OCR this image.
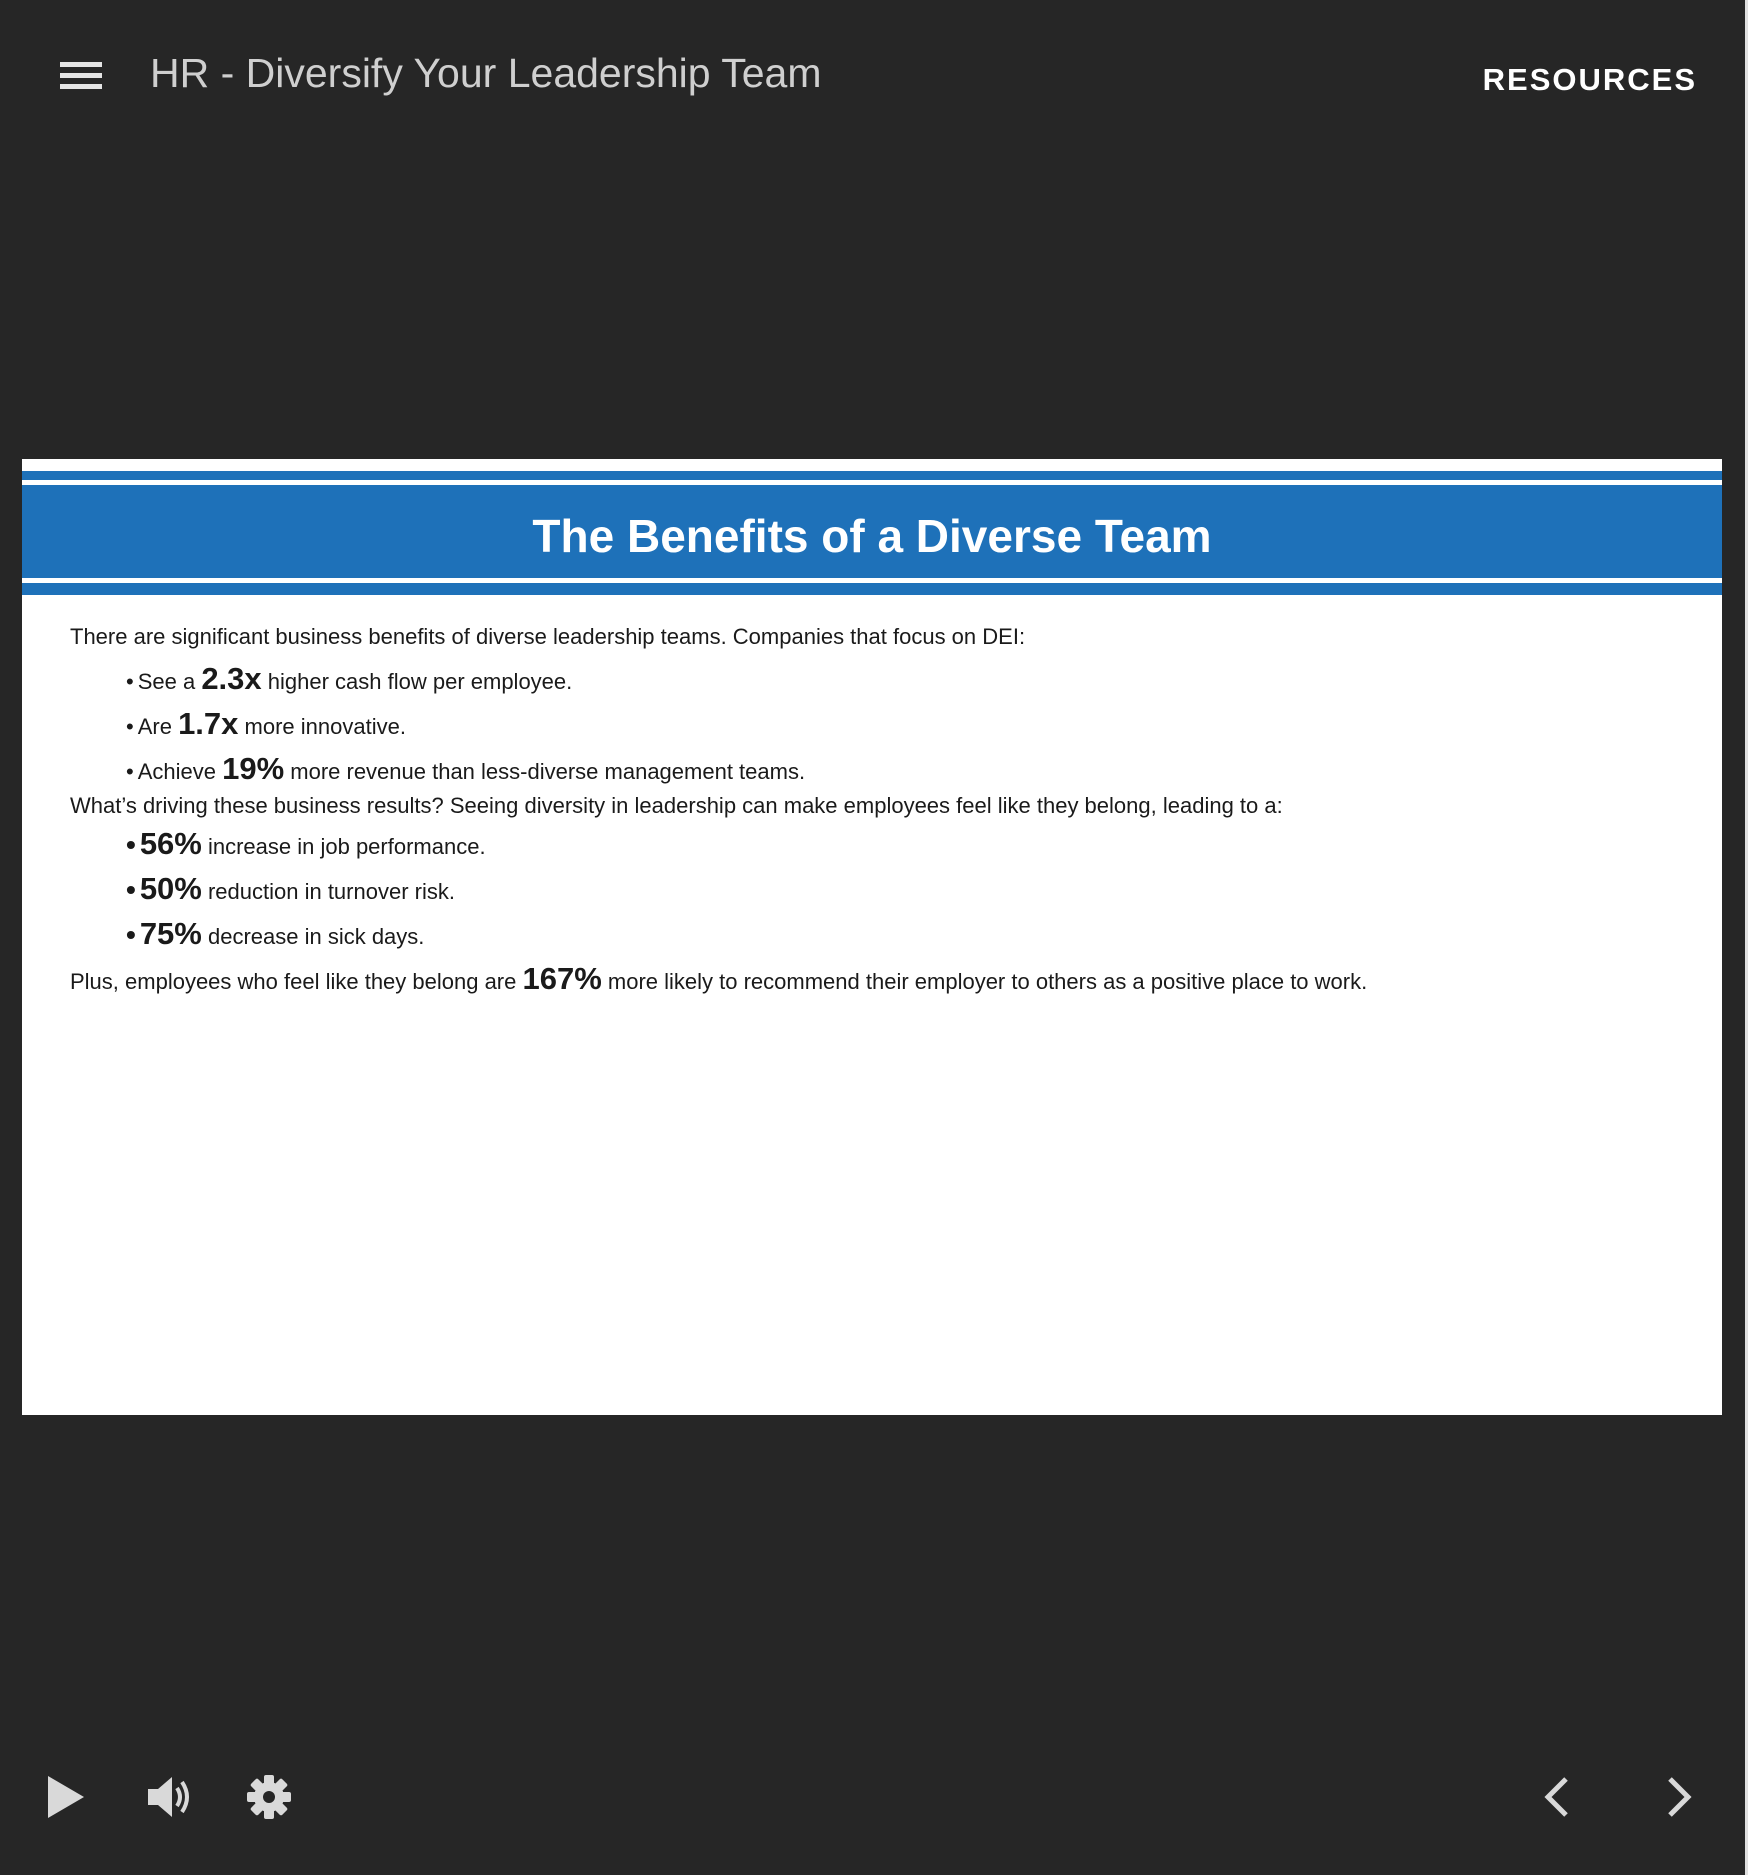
HR - Diversify Your Leadership Team	RESOURCES
The Benefits of a Diverse Team
There are significant business benefits of diverse leadership teams. Companies that focus on DEI:
• See a 2.3x higher cash flow per employee.
• Are 1.7x more innovative.
• Achieve 19% more revenue than less-diverse management teams.
What’s driving these business results? Seeing diversity in leadership can make employees feel like they belong, leading to a:
• 56% increase in job performance.
• 50% reduction in turnover risk.
• 75% decrease in sick days.
Plus, employees who feel like they belong are 167% more likely to recommend their employer to others as a positive place to work.
